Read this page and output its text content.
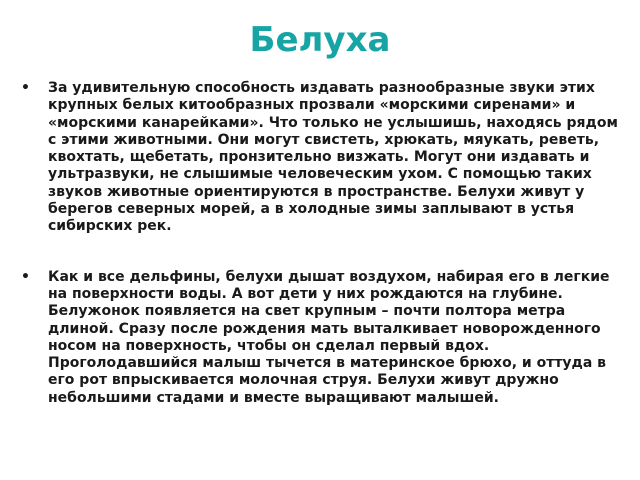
Белуха
• За удивительную способность издавать разнообразные звуки этих крупных белых китообразных прозвали «морскими сиренами» и «морскими канарейками». Что только не услышишь, находясь рядом с этими животными. Они могут свистеть, хрюкать, мяукать, реветь, квохтать, щебетать, пронзительно визжать. Могут они издавать и ультразвуки, не слышимые человеческим ухом. С помощью таких звуков животные ориентируются в пространстве. Белухи живут у берегов северных морей, а в холодные зимы заплывают в устья сибирских рек.
• Как и все дельфины, белухи дышат воздухом, набирая его в легкие на поверхности воды. А вот дети у них рождаются на глубине. Белужонок появляется на свет крупным – почти полтора метра длиной. Сразу после рождения мать выталкивает новорожденного носом на поверхность, чтобы он сделал первый вдох. Проголодавшийся малыш тычется в материнское брюхо, и оттуда в его рот впрыскивается молочная струя. Белухи живут дружно небольшими стадами и вместе выращивают малышей.
